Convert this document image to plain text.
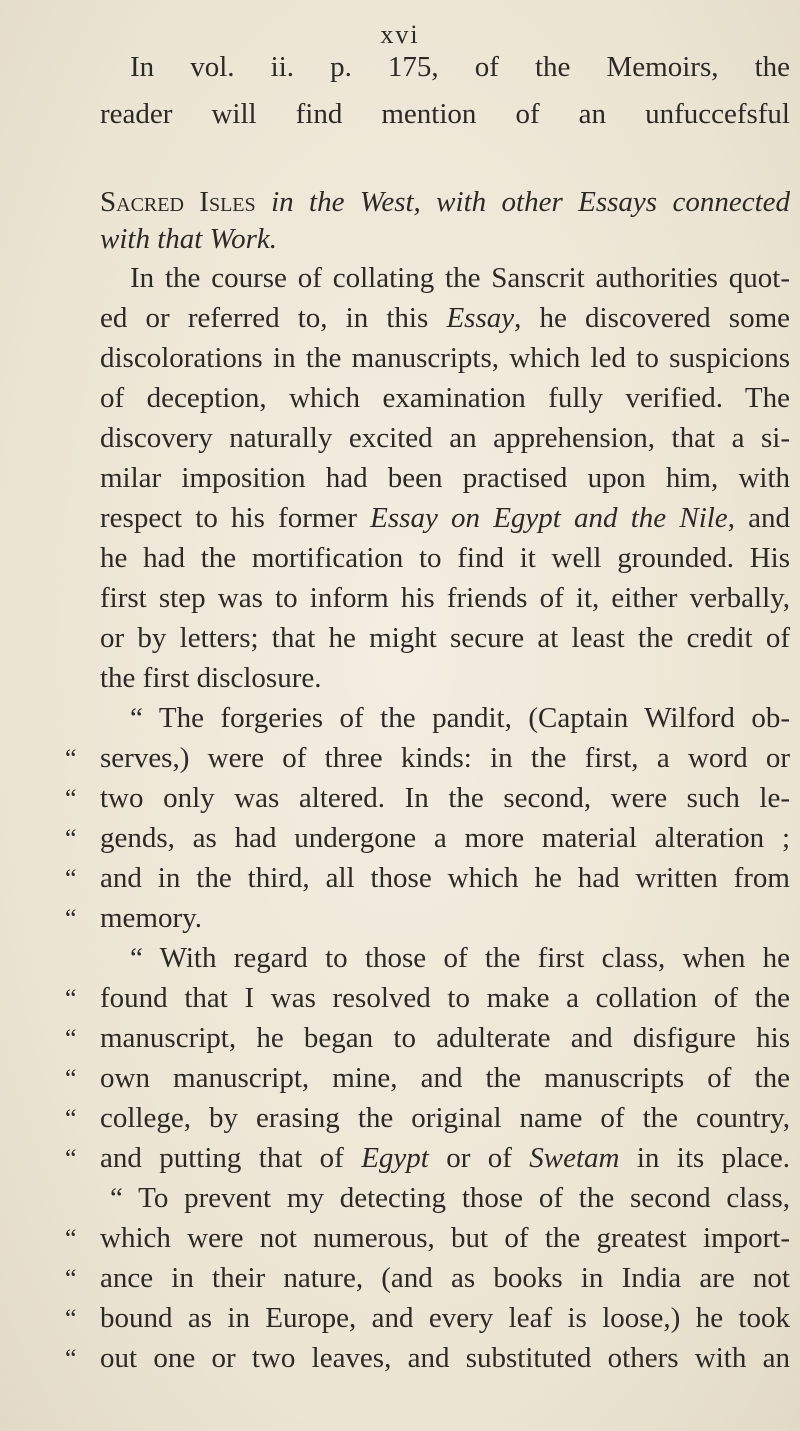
xvi
In vol. ii. p. 175, of the Memoirs, the
reader will find mention of an unfuccefsful
Sacred Isles in the West, with other Essays connected
with that Work.
In the course of collating the Sanscrit authorities quot-
ed or referred to, in this Essay, he discovered some
discolorations in the manuscripts, which led to suspicions
of deception, which examination fully verified. The
discovery naturally excited an apprehension, that a si-
milar imposition had been practised upon him, with
respect to his former Essay on Egypt and the Nile, and
he had the mortification to find it well grounded. His
first step was to inform his friends of it, either verbally,
or by letters; that he might secure at least the credit of
the first disclosure.
“ The forgeries of the pandit, (Captain Wilford ob-
“ serves,) were of three kinds: in the first, a word or
“ two only was altered. In the second, were such le-
“ gends, as had undergone a more material alteration ;
“ and in the third, all those which he had written from
“ memory.
“ With regard to those of the first class, when he
“ found that I was resolved to make a collation of the
“ manuscript, he began to adulterate and disfigure his
“ own manuscript, mine, and the manuscripts of the
“ college, by erasing the original name of the country,
“ and putting that of Egypt or of Swetam in its place.
“ To prevent my detecting those of the second class,
“ which were not numerous, but of the greatest import-
“ ance in their nature, (and as books in India are not
“ bound as in Europe, and every leaf is loose,) he took
“ out one or two leaves, and substituted others with an
